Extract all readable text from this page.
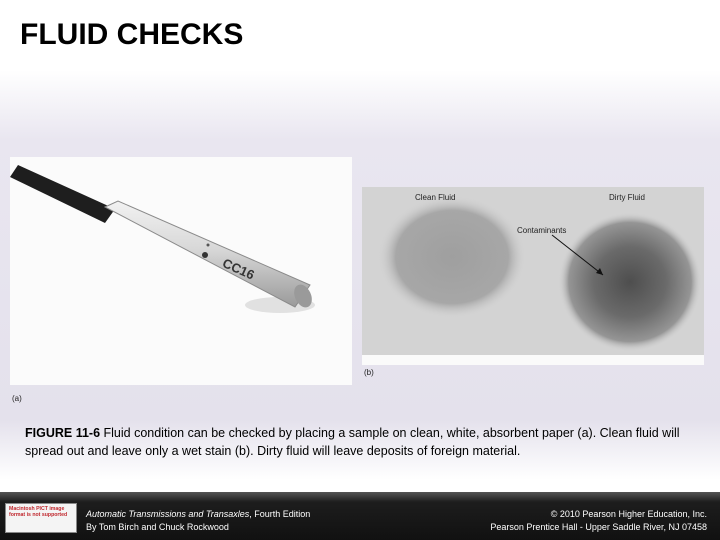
FLUID CHECKS
CC16
(a)
Clean Fluid	Dirty Fluid
Contaminants
(b)
FIGURE 11-6 Fluid condition can be checked by placing a sample on clean, white, absorbent paper (a). Clean fluid will spread out and leave only a wet stain (b). Dirty fluid will leave deposits of foreign material.
Macintosh PICT image format is not supported	Automatic Transmissions and Transaxles, Fourth Edition
By Tom Birch and Chuck Rockwood
© 2010 Pearson Higher Education, Inc.
Pearson Prentice Hall - Upper Saddle River, NJ 07458
